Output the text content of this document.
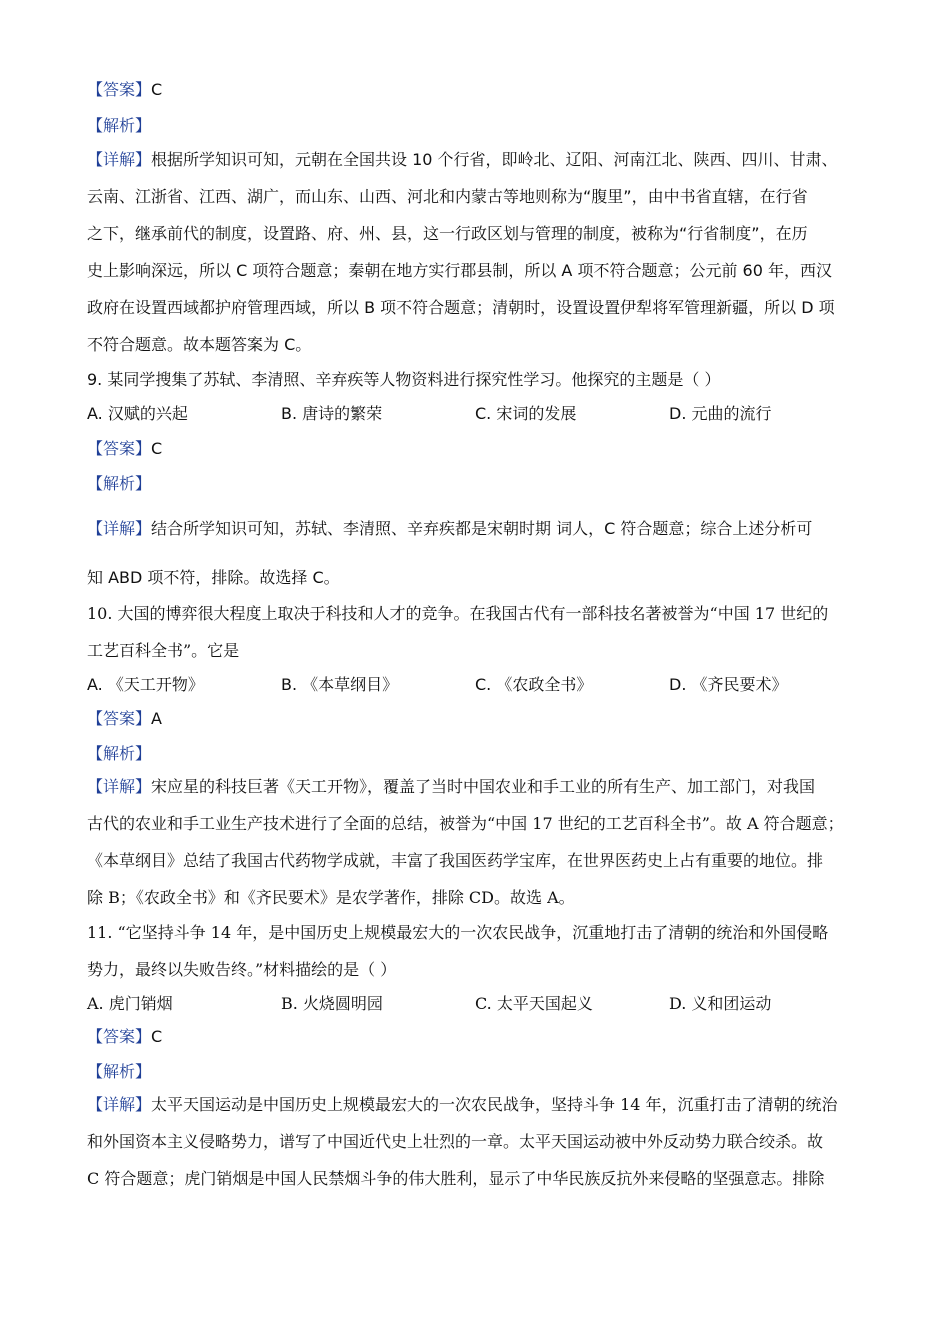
【答案】C
【解析】
【详解】根据所学知识可知，元朝在全国共设 10 个行省，即岭北、辽阳、河南江北、陕西、四川、甘肃、
云南、江浙省、江西、湖广，而山东、山西、河北和内蒙古等地则称为“腹里”，由中书省直辖，在行省
之下，继承前代的制度，设置路、府、州、县，这一行政区划与管理的制度，被称为“行省制度”，在历
史上影响深远，所以 C 项符合题意；秦朝在地方实行郡县制，所以 A 项不符合题意；公元前 60 年，西汉
政府在设置西域都护府管理西域，所以 B 项不符合题意；清朝时，设置设置伊犁将军管理新疆，所以 D 项
不符合题意。故本题答案为 C。
9. 某同学搜集了苏轼、李清照、辛弃疾等人物资料进行探究性学习。他探究的主题是（ ）
A. 汉赋的兴起	B. 唐诗的繁荣	C. 宋词的发展	D. 元曲的流行
【答案】C
【解析】
【详解】结合所学知识可知，苏轼、李清照、辛弃疾都是宋朝时期 词人，C 符合题意；综合上述分析可
知 ABD 项不符，排除。故选择 C。
10. 大国的博弈很大程度上取决于科技和人才的竞争。在我国古代有一部科技名著被誉为“中国 17 世纪的
工艺百科全书”。它是
A. 《天工开物》	B. 《本草纲目》	C. 《农政全书》	D. 《齐民要术》
【答案】A
【解析】
【详解】宋应星的科技巨著《天工开物》，覆盖了当时中国农业和手工业的所有生产、加工部门，对我国
古代的农业和手工业生产技术进行了全面的总结，被誉为“中国 17 世纪的工艺百科全书”。故 A 符合题意；
《本草纲目》总结了我国古代药物学成就，丰富了我国医药学宝库，在世界医药史上占有重要的地位。排
除 B；《农政全书》和《齐民要术》是农学著作，排除 CD。故选 A。
11. “它坚持斗争 14 年，是中国历史上规模最宏大的一次农民战争，沉重地打击了清朝的统治和外国侵略
势力，最终以失败告终。”材料描绘的是（ ）
A. 虎门销烟	B. 火烧圆明园	C. 太平天国起义	D. 义和团运动
【答案】C
【解析】
【详解】太平天国运动是中国历史上规模最宏大的一次农民战争，坚持斗争 14 年，沉重打击了清朝的统治
和外国资本主义侵略势力，谱写了中国近代史上壮烈的一章。太平天国运动被中外反动势力联合绞杀。故
C 符合题意；虎门销烟是中国人民禁烟斗争的伟大胜利，显示了中华民族反抗外来侵略的坚强意志。排除
